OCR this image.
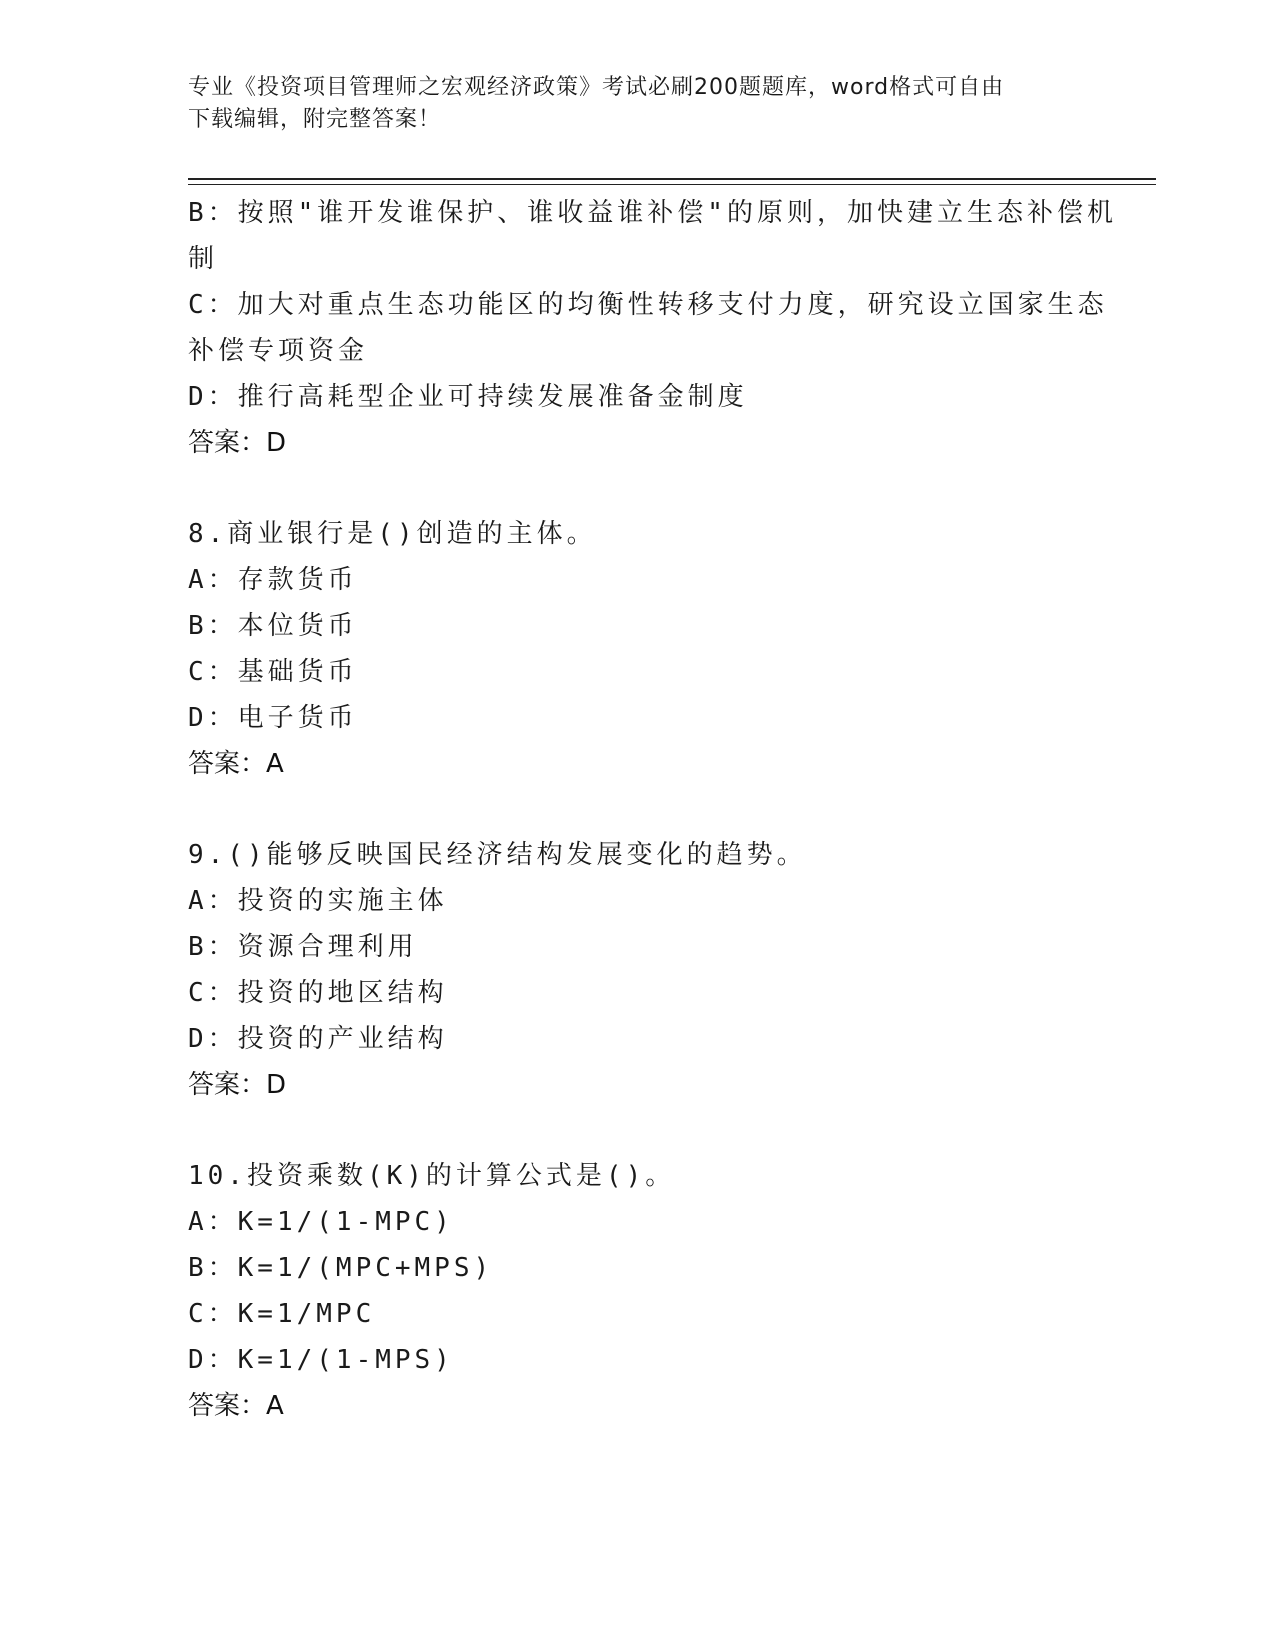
专业《投资项目管理师之宏观经济政策》考试必刷200题题库，word格式可自由
下载编辑，附完整答案！
B：按照"谁开发谁保护、谁收益谁补偿"的原则，加快建立生态补偿机
制
C：加大对重点生态功能区的均衡性转移支付力度，研究设立国家生态
补偿专项资金
D：推行高耗型企业可持续发展准备金制度
答案：D
8.商业银行是()创造的主体。
A：存款货币
B：本位货币
C：基础货币
D：电子货币
答案：A
9.()能够反映国民经济结构发展变化的趋势。
A：投资的实施主体
B：资源合理利用
C：投资的地区结构
D：投资的产业结构
答案：D
10.投资乘数(K)的计算公式是()。
A：K=1/(1-MPC)
B：K=1/(MPC+MPS)
C：K=1/MPC
D：K=1/(1-MPS)
答案：A
